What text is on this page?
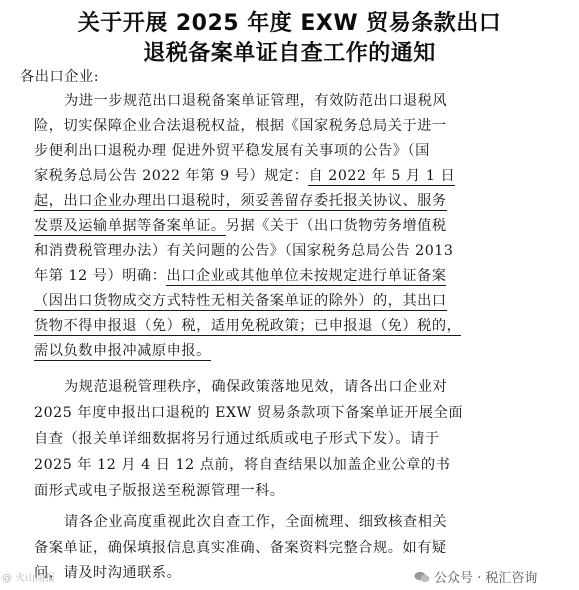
关于开展 2025 年度 EXW 贸易条款出口
退税备案单证自查工作的通知
各出口企业:
为进一步规范出口退税备案单证管理，有效防范出口退税风
险，切实保障企业合法退税权益，根据《国家税务总局关于进一
步便利出口退税办理 促进外贸平稳发展有关事项的公告》（国
家税务总局公告 2022 年第 9 号）规定：自 2022 年 5 月 1 日
起，出口企业办理出口退税时，须妥善留存委托报关协议、服务
发票及运输单据等备案单证。另据《关于（出口货物劳务增值税
和消费税管理办法）有关问题的公告》（国家税务总局公告 2013
年第 12 号）明确：出口企业或其他单位未按规定进行单证备案
（因出口货物成交方式特性无相关备案单证的除外）的，其出口
货物不得申报退（免）税，适用免税政策；已申报退（免）税的，
需以负数申报冲减原申报。
为规范退税管理秩序，确保政策落地见效，请各出口企业对
2025 年度申报出口退税的 EXW 贸易条款项下备案单证开展全面
自查（报关单详细数据将另行通过纸质或电子形式下发）。请于
2025 年 12 月 4 日 12 点前，将自查结果以加盖企业公章的书
面形式或电子版报送至税源管理一科。
请各企业高度重视此次自查工作，全面梳理、细致核查相关
备案单证，确保填报信息真实准确、备案资料完整合规。如有疑
问，请及时沟通联系。
@ 火山雨报	公众号 · 税汇咨询
